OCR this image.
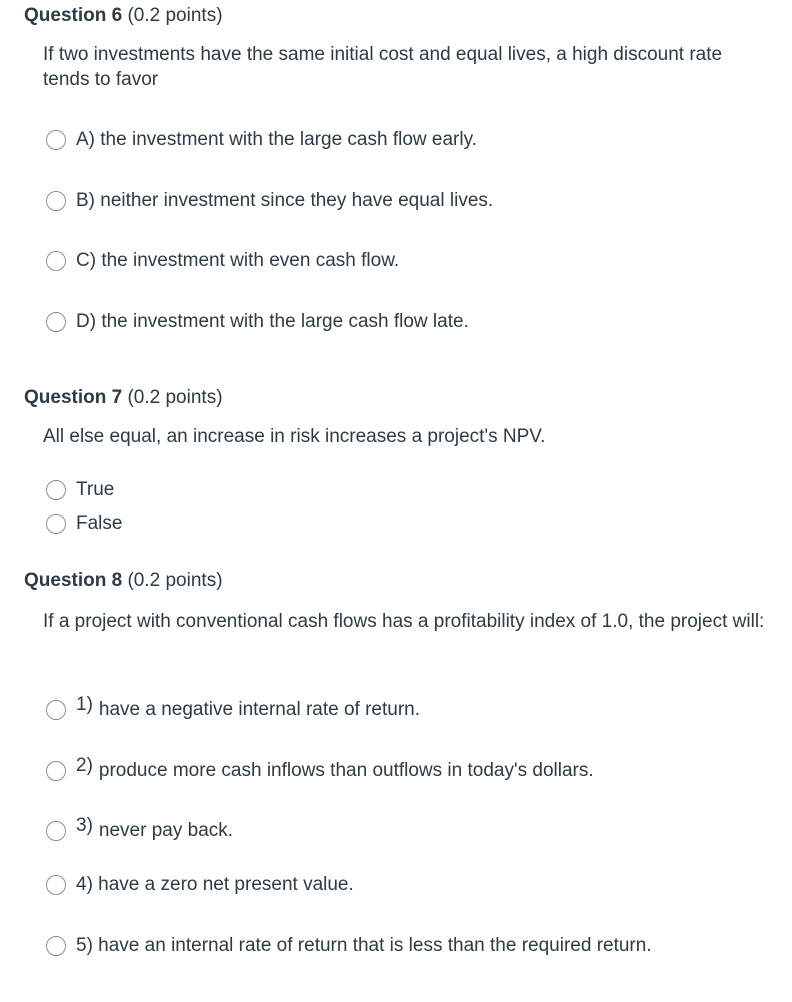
Question 6 (0.2 points)
If two investments have the same initial cost and equal lives, a high discount rate tends to favor
A) the investment with the large cash flow early.
B) neither investment since they have equal lives.
C) the investment with even cash flow.
D) the investment with the large cash flow late.
Question 7 (0.2 points)
All else equal, an increase in risk increases a project's NPV.
True
False
Question 8 (0.2 points)
If a project with conventional cash flows has a profitability index of 1.0, the project will:
1) have a negative internal rate of return.
2) produce more cash inflows than outflows in today's dollars.
3) never pay back.
4) have a zero net present value.
5) have an internal rate of return that is less than the required return.
